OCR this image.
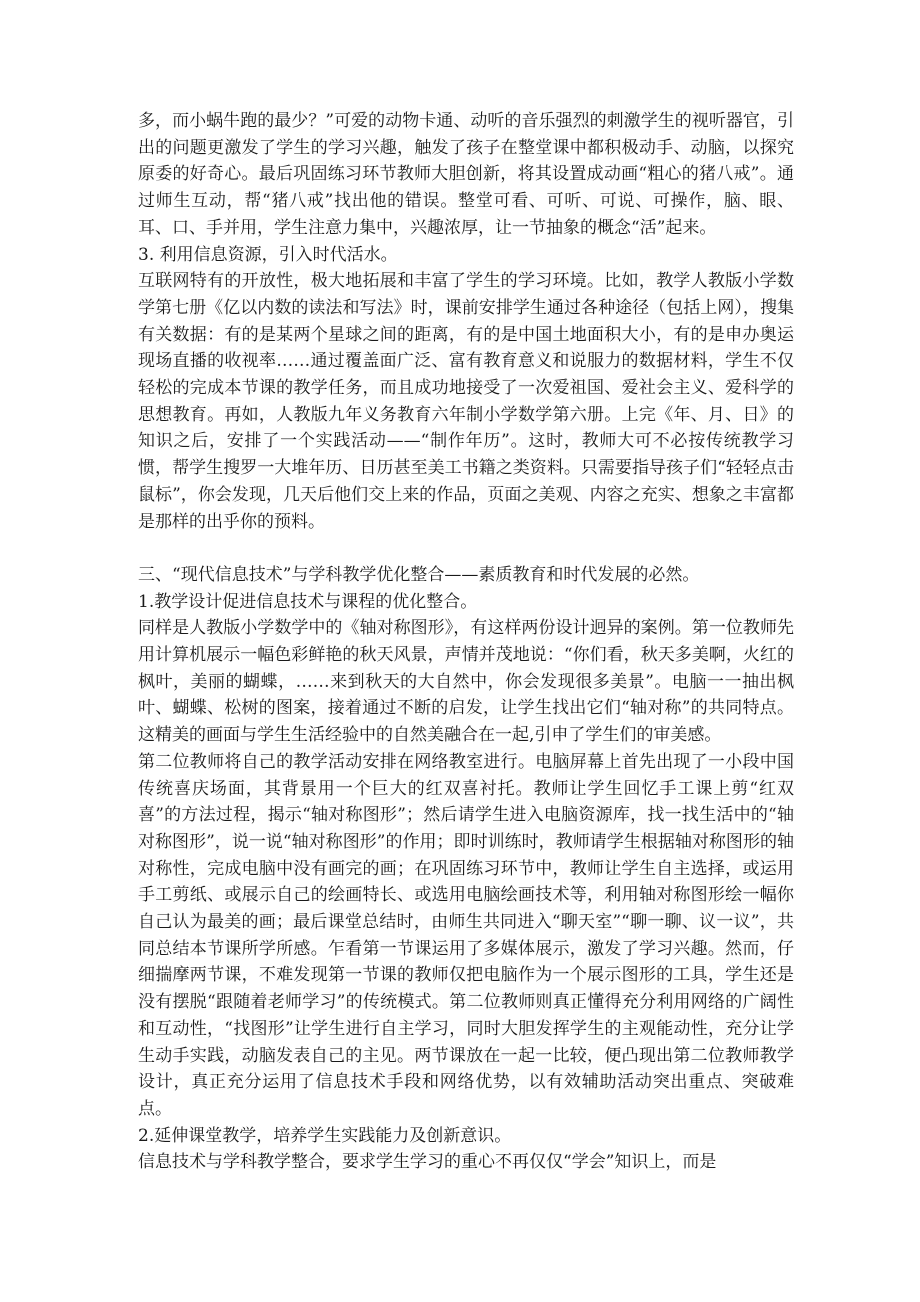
多，而小蜗牛跑的最少？”可爱的动物卡通、动听的音乐强烈的刺激学生的视听器官，引出的问题更激发了学生的学习兴趣，触发了孩子在整堂课中都积极动手、动脑，以探究原委的好奇心。最后巩固练习环节教师大胆创新，将其设置成动画“粗心的猪八戒”。通过师生互动，帮“猪八戒”找出他的错误。整堂可看、可听、可说、可操作，脑、眼、耳、口、手并用，学生注意力集中，兴趣浓厚，让一节抽象的概念“活”起来。

3. 利用信息资源，引入时代活水。

互联网特有的开放性，极大地拓展和丰富了学生的学习环境。比如，教学人教版小学数学第七册《亿以内数的读法和写法》时，课前安排学生通过各种途径（包括上网），搜集有关数据：有的是某两个星球之间的距离，有的是中国土地面积大小，有的是申办奥运现场直播的收视率……通过覆盖面广泛、富有教育意义和说服力的数据材料，学生不仅轻松的完成本节课的教学任务，而且成功地接受了一次爱祖国、爱社会主义、爱科学的思想教育。再如，人教版九年义务教育六年制小学数学第六册。上完《年、月、日》的知识之后，安排了一个实践活动——“制作年历”。这时，教师大可不必按传统教学习惯，帮学生搜罗一大堆年历、日历甚至美工书籍之类资料。只需要指导孩子们“轻轻点击鼠标”，你会发现，几天后他们交上来的作品，页面之美观、内容之充实、想象之丰富都是那样的出乎你的预料。

三、“现代信息技术”与学科教学优化整合——素质教育和时代发展的必然。

1.教学设计促进信息技术与课程的优化整合。

同样是人教版小学数学中的《轴对称图形》，有这样两份设计迥异的案例。第一位教师先用计算机展示一幅色彩鲜艳的秋天风景，声情并茂地说：“你们看，秋天多美啊，火红的枫叶，美丽的蝴蝶，……来到秋天的大自然中，你会发现很多美景”。电脑一一抽出枫叶、蝴蝶、松树的图案，接着通过不断的启发，让学生找出它们“轴对称”的共同特点。这精美的画面与学生生活经验中的自然美融合在一起,引申了学生们的审美感。

第二位教师将自己的教学活动安排在网络教室进行。电脑屏幕上首先出现了一小段中国传统喜庆场面，其背景用一个巨大的红双喜衬托。教师让学生回忆手工课上剪“红双喜”的方法过程，揭示“轴对称图形”；然后请学生进入电脑资源库，找一找生活中的“轴对称图形”，说一说“轴对称图形”的作用；即时训练时，教师请学生根据轴对称图形的轴对称性，完成电脑中没有画完的画；在巩固练习环节中，教师让学生自主选择，或运用手工剪纸、或展示自己的绘画特长、或选用电脑绘画技术等，利用轴对称图形绘一幅你自己认为最美的画；最后课堂总结时，由师生共同进入“聊天室”“聊一聊、议一议”，共同总结本节课所学所感。乍看第一节课运用了多媒体展示，激发了学习兴趣。然而，仔细揣摩两节课，不难发现第一节课的教师仅把电脑作为一个展示图形的工具，学生还是没有摆脱“跟随着老师学习”的传统模式。第二位教师则真正懂得充分利用网络的广阔性和互动性，“找图形”让学生进行自主学习，同时大胆发挥学生的主观能动性，充分让学生动手实践，动脑发表自己的主见。两节课放在一起一比较，便凸现出第二位教师教学设计，真正充分运用了信息技术手段和网络优势，以有效辅助活动突出重点、突破难点。

2.延伸课堂教学，培养学生实践能力及创新意识。

信息技术与学科教学整合，要求学生学习的重心不再仅仅“学会”知识上，而是
